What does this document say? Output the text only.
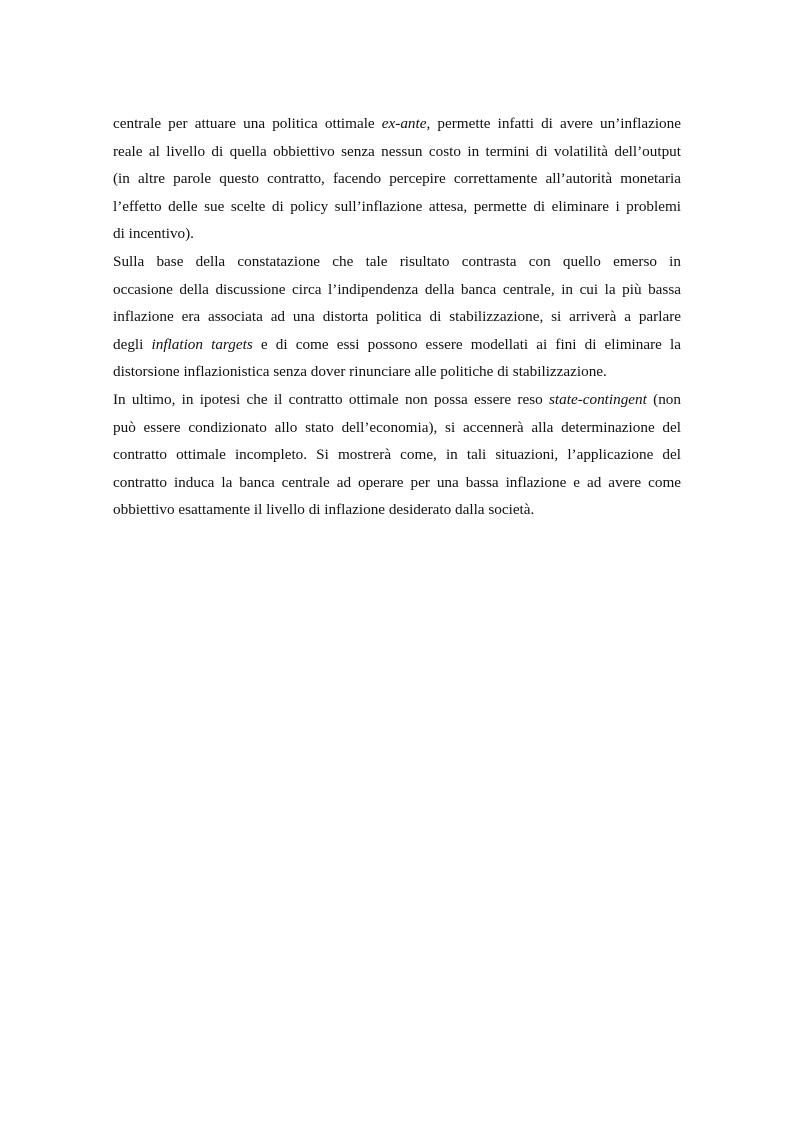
centrale per attuare una politica ottimale ex-ante, permette infatti di avere un’inflazione
reale al livello di quella obbiettivo senza nessun costo in termini di volatilità dell’output
(in altre parole questo contratto, facendo percepire correttamente all’autorità monetaria
l’effetto delle sue scelte di policy sull’inflazione attesa, permette di eliminare i problemi
di incentivo).
Sulla base della constatazione che tale risultato contrasta con quello emerso in
occasione della discussione circa l’indipendenza della banca centrale, in cui la più bassa
inflazione era associata ad una distorta politica di stabilizzazione, si arriverà a parlare
degli inflation targets e di come essi possono essere modellati ai fini di eliminare la
distorsione inflazionistica senza dover rinunciare alle politiche di stabilizzazione.
In ultimo, in ipotesi che il contratto ottimale non possa essere reso state-contingent (non
può essere condizionato allo stato dell’economia), si accennerà alla determinazione del
contratto ottimale incompleto. Si mostrerà come, in tali situazioni, l’applicazione del
contratto induca la banca centrale ad operare per una bassa inflazione e ad avere come
obbiettivo esattamente il livello di inflazione desiderato dalla società.
